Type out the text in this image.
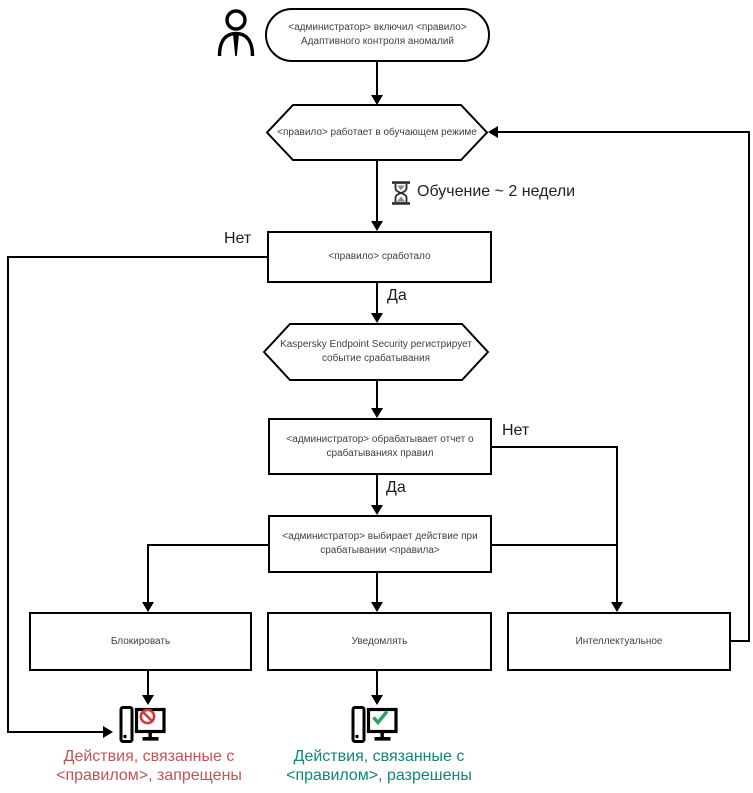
<администратор> включил <правило> Адаптивного контроля аномалий
<правило> работает в обучающем режиме
Обучение ~ 2 недели
<правило> сработало
Нет
Да
Kaspersky Endpoint Security регистрирует событие срабатывания
<администратор> обрабатывает отчет о срабатываниях правил
Нет
Да
<администратор> выбирает действие при срабатывании <правила>
Блокировать	Уведомлять	Интеллектуальное
Действия, связанные с <правилом>, запрещены
Действия, связанные с <правилом>, разрешены
